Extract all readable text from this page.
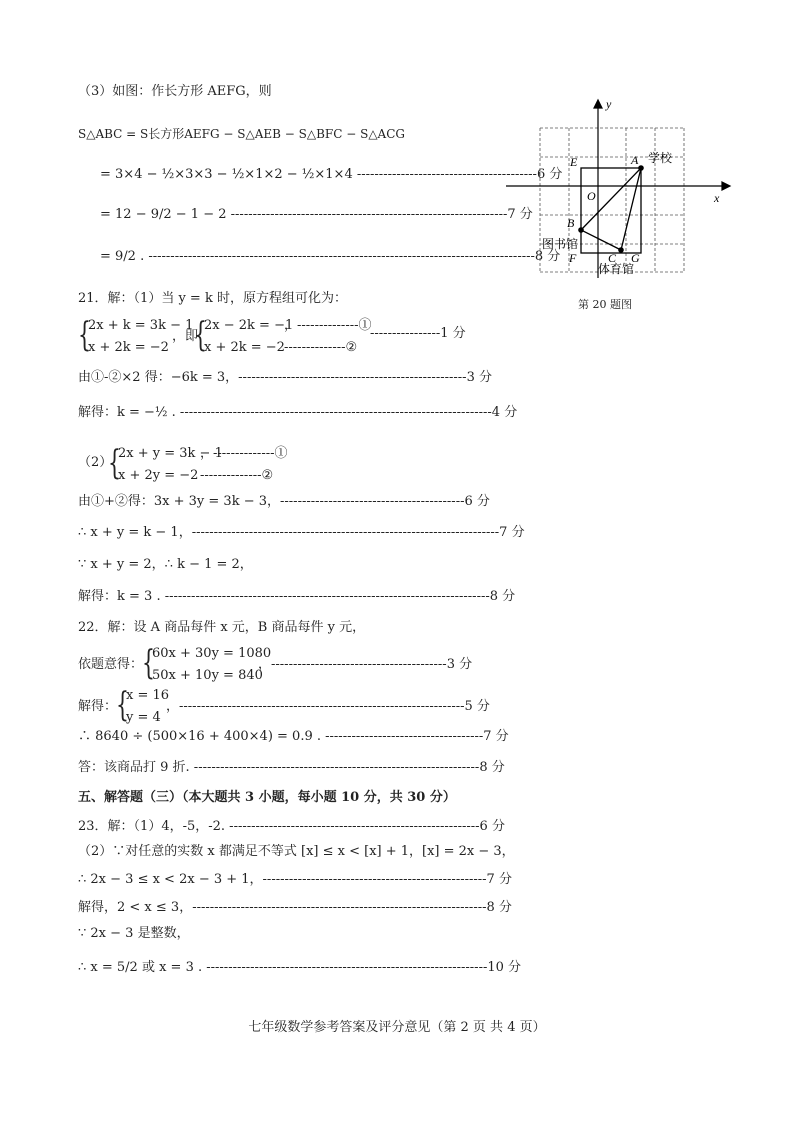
（3）如图：作长方形 AEFG，则
S△ABC = S长方形AEFG − S△AEB − S△BFC − S△ACG
= 3×4 − ½×3×3 − ½×1×2 − ½×1×4 -----------------------------------------6 分
= 12 − 9/2 − 1 − 2 ---------------------------------------------------------------7 分
= 9/2 . ----------------------------------------------------------------------------------------8 分
21．解：（1）当 y = k 时，原方程组可化为：
{
2x + k = 3k − 1
x + 2k = −2
，即
{
2x − 2k = −1
x + 2k = −2
，--------------①
--------------②
----------------1 分
由①-②×2 得：−6k = 3，----------------------------------------------------3 分
解得：k = −½ . -----------------------------------------------------------------------4 分
（2）
{
2x + y = 3k − 1
x + 2y = −2
，--------------①
--------------②
由①+②得：3x + 3y = 3k − 3，------------------------------------------6 分
∴ x + y = k − 1，----------------------------------------------------------------------7 分
∵ x + y = 2，∴ k − 1 = 2，
解得：k = 3 . --------------------------------------------------------------------------8 分
22．解：设 A 商品每件 x 元，B 商品每件 y 元，
依题意得：
{
60x + 30y = 1080
50x + 10y = 840
，----------------------------------------3 分
解得：
{
x = 16
y = 4
，-----------------------------------------------------------------5 分
∴ 8640 ÷ (500×16 + 400×4) = 0.9 . ------------------------------------7 分
答：该商品打 9 折. -----------------------------------------------------------------8 分
五、解答题（三）（本大题共 3 小题，每小题 10 分，共 30 分）
23．解：（1）4，-5，-2. ---------------------------------------------------------6 分
（2）∵对任意的实数 x 都满足不等式 [x] ≤ x < [x] + 1，[x] = 2x − 3，
∴ 2x − 3 ≤ x < 2x − 3 + 1，---------------------------------------------------7 分
解得，2 < x ≤ 3，-------------------------------------------------------------------8 分
∵ 2x − 3 是整数，
∴ x = 5/2 或 x = 3 . ----------------------------------------------------------------10 分
x
y
E	A
O
B
F	C G
学校
图书馆
体育馆
第 20 题图
七年级数学参考答案及评分意见（第 2 页 共 4 页）
